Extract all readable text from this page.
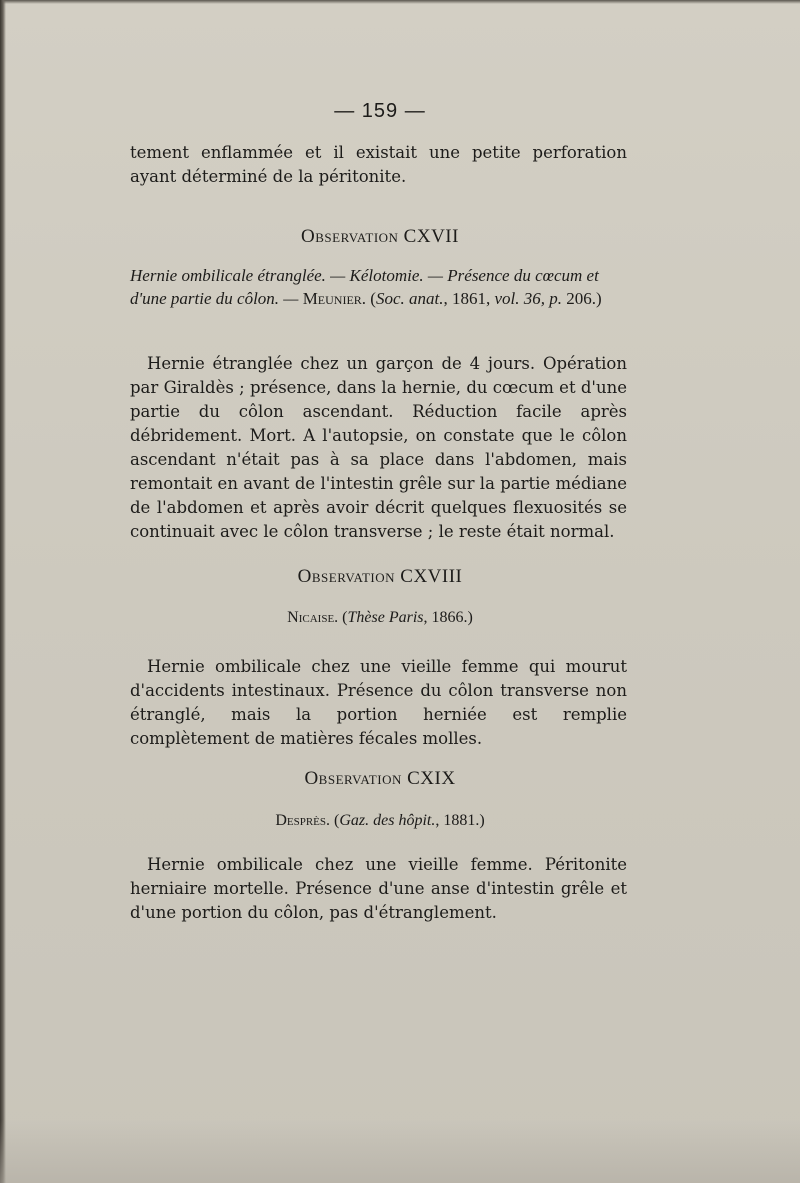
— 159 —

tement enflammée et il existait une petite perforation ayant déterminé de la péritonite.

Observation CXVII

Hernie ombilicale étranglée. — Kélotomie. — Présence du cœcum et d'une partie du côlon. — Meunier. (Soc. anat., 1861, vol. 36, p. 206.)

Hernie étranglée chez un garçon de 4 jours. Opération par Giraldès ; présence, dans la hernie, du cœcum et d'une partie du côlon ascendant. Réduction facile après débridement. Mort. A l'autopsie, on constate que le côlon ascendant n'était pas à sa place dans l'abdomen, mais remontait en avant de l'intestin grêle sur la partie médiane de l'abdomen et après avoir décrit quelques flexuosités se continuait avec le côlon transverse ; le reste était normal.

Observation CXVIII

Nicaise. (Thèse Paris, 1866.)

Hernie ombilicale chez une vieille femme qui mourut d'accidents intestinaux. Présence du côlon transverse non étranglé, mais la portion herniée est remplie complètement de matières fécales molles.

Observation CXIX

Desprès. (Gaz. des hôpit., 1881.)

Hernie ombilicale chez une vieille femme. Péritonite herniaire mortelle. Présence d'une anse d'intestin grêle et d'une portion du côlon, pas d'étranglement.
